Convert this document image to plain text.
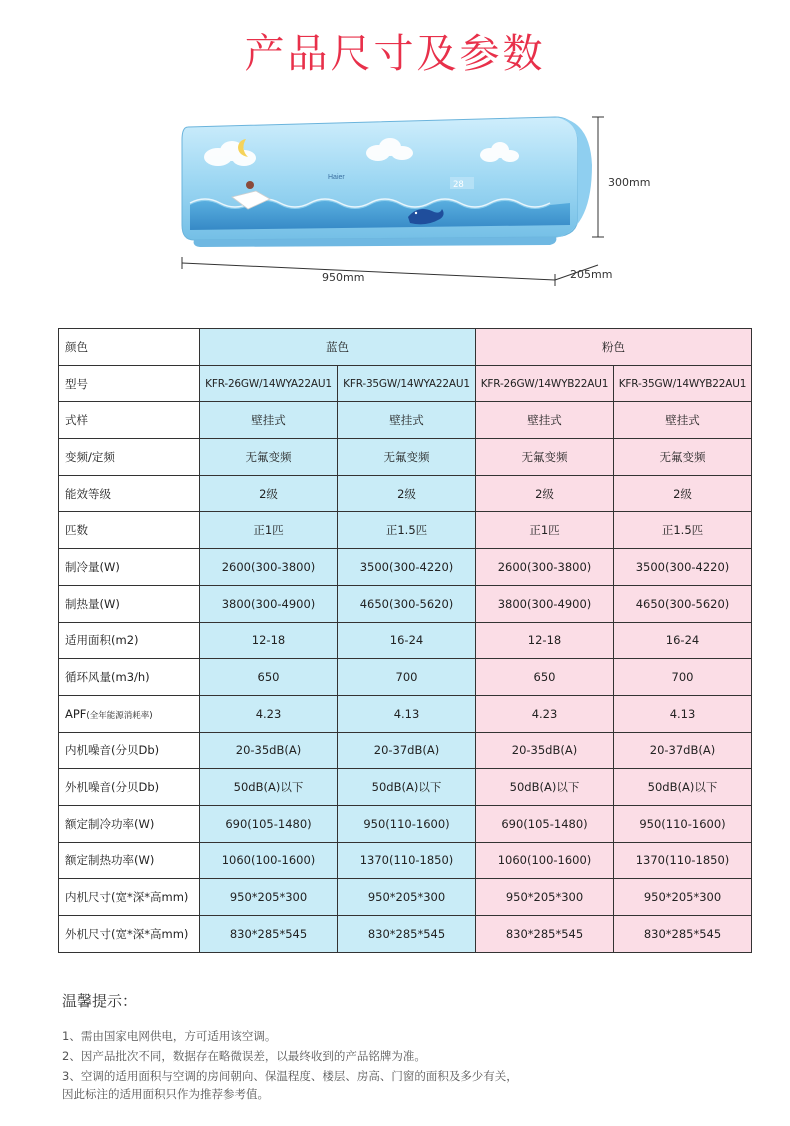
产品尺寸及参数
Haier
28	300mm
205mm
950mm
颜色	蓝色		粉色	
型号	KFR-26GW/14WYA22AU1	KFR-35GW/14WYA22AU1	KFR-26GW/14WYB22AU1	KFR-35GW/14WYB22AU1
式样	壁挂式	壁挂式	壁挂式	壁挂式
变频/定频	无氟变频	无氟变频	无氟变频	无氟变频
能效等级	2级	2级	2级	2级
匹数	正1匹	正1.5匹	正1匹	正1.5匹
制冷量(W)	2600(300-3800)	3500(300-4220)	2600(300-3800)	3500(300-4220)
制热量(W)	3800(300-4900)	4650(300-5620)	3800(300-4900)	4650(300-5620)
适用面积(m2)	12-18	16-24	12-18	16-24
循环风量(m3/h)	650	700	650	700
APF(全年能源消耗率)	4.23	4.13	4.23	4.13
内机噪音(分贝Db)	20-35dB(A)	20-37dB(A)	20-35dB(A)	20-37dB(A)
外机噪音(分贝Db)	50dB(A)以下	50dB(A)以下	50dB(A)以下	50dB(A)以下
额定制冷功率(W)	690(105-1480)	950(110-1600)	690(105-1480)	950(110-1600)
额定制热功率(W)	1060(100-1600)	1370(110-1850)	1060(100-1600)	1370(110-1850)
内机尺寸(宽*深*高mm)	950*205*300	950*205*300	950*205*300	950*205*300
外机尺寸(宽*深*高mm)	830*285*545	830*285*545	830*285*545	830*285*545
温馨提示：
1、需由国家电网供电，方可适用该空调。
2、因产品批次不同，数据存在略微误差，以最终收到的产品铭牌为准。
3、空调的适用面积与空调的房间朝向、保温程度、楼层、房高、门窗的面积及多少有关，
因此标注的适用面积只作为推荐参考值。
